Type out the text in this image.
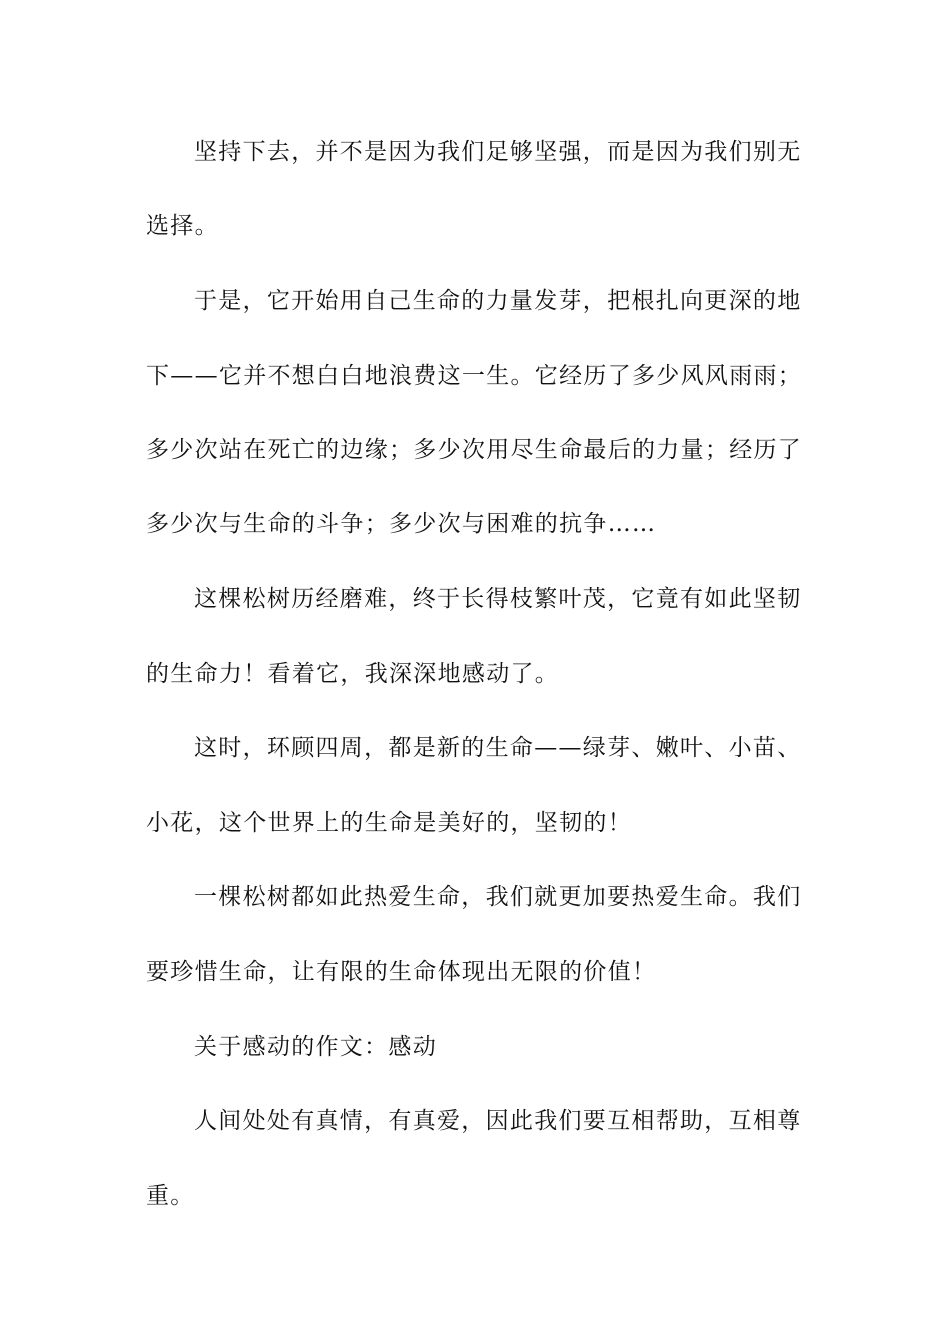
坚持下去，并不是因为我们足够坚强，而是因为我们别无
选择。
于是，它开始用自己生命的力量发芽，把根扎向更深的地
下——它并不想白白地浪费这一生。它经历了多少风风雨雨；
多少次站在死亡的边缘；多少次用尽生命最后的力量；经历了
多少次与生命的斗争；多少次与困难的抗争……
这棵松树历经磨难，终于长得枝繁叶茂，它竟有如此坚韧
的生命力！看着它，我深深地感动了。
这时，环顾四周，都是新的生命——绿芽、嫩叶、小苗、
小花，这个世界上的生命是美好的，坚韧的！
一棵松树都如此热爱生命，我们就更加要热爱生命。我们
要珍惜生命，让有限的生命体现出无限的价值！
关于感动的作文：感动
人间处处有真情，有真爱，因此我们要互相帮助，互相尊
重。
